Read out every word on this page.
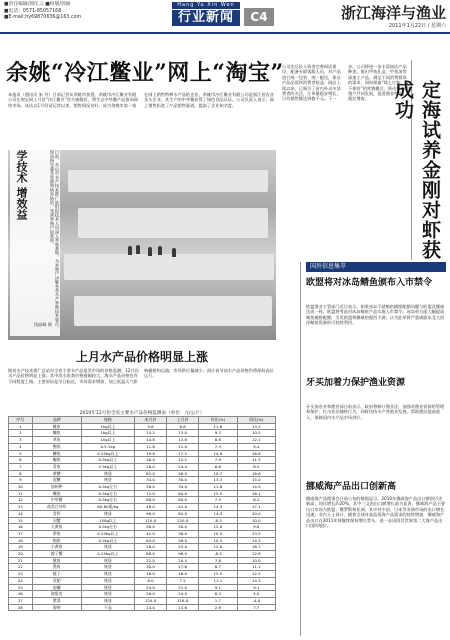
■责任编辑/郭匡云 ■组版/郭丽
■电话：0571-85057168
■E-mail:hy69870636@163.com
Hang Yu Xin Wen
行业新闻	C4	浙江海洋与渔业
2011年1月22日 / 星期六
余姚“冷江鳖业”网上“淘宝”
本报讯（通讯员 朱 丹）日前记者从余姚市获悉，余姚市冷江鳖业有限公司在淘宝网上开设“冷江鳖业”官方旗舰店，将生态中华鳖产品推向网络市场。该店自1月份试运营以来，销售情况良好，成为余姚市第一家在网上销售特种水产品的企业。余姚市冷江鳖业有限公司是浙江省农业龙头企业，其生产的中华鳖获得了绿色食品认证。公司负责人表示，网上销售拓宽了产品销售渠道，提高了企业知名度。
公司先后投入资金完善网店建设，配备专职客服人员，对产品进行统一包装、统一配送，保证产品品质和消费者权益。网店上线以来，已吸引了省内外众多消费者的关注，订单量稳步增长，日均销售额达到数千元。下一步，公司将进一步丰富网店产品种类，推出甲鱼礼盒、甲鱼汤等深加工产品，满足不同消费群体的需求，同时探索“线上订购、线下体验”的营销模式，带动周边养殖户共同发展，促进渔业增效、渔民增收。	定海试养金刚对虾获成功
学技术 增效益	日前，舟山市水产技术推广站组织技术人员深入养殖基地，为养殖户讲解冬季水产养殖技术要点，现场指导越冬管理和病害防治，受到养殖户的欢迎。
钱丽峰 摄
上月水产品价格明显上涨
据省水产技术推广总站对全省主要水产品批发市场的价格监测，12月份水产品价格明显上涨。其中淡水鱼类价格涨幅较大，海水产品价格也有不同程度上扬。主要原因是节日临近，市场需求增加，加之低温天气影响捕捞和运输，市场供应量减少。预计春节前水产品价格仍将保持高位运行。
2010年12月份全省主要水产品价格监测表（单位：元/公斤）
序号	品种	规格	本月价	上月价	环比(%)	同比(%)
1	鲢鱼	1kg以上	9.6	8.6	11.6	13.2
2	鳙鱼	1kg以上	14.2	13.0	9.2	10.5
3	草鱼	1kg以上	14.8	13.6	8.8	12.1
4	鲤鱼	0.5-1kg	11.8	11.0	7.3	9.4
5	鲫鱼	0.25kg以上	19.6	17.2	14.0	16.8
6	鳊鱼	0.5kg以上	16.4	15.2	7.9	11.3
7	青鱼	2.5kg以上	26.0	24.4	6.6	8.2
8	黄鳝	统货	62.0	56.0	10.7	18.6
9	泥鳅	统货	34.0	30.0	13.3	15.0
10	加州鲈	0.5kg左右	38.0	34.0	11.8	14.5
11	鳜鱼	0.5kg左右	72.0	64.0	12.5	16.1
12	中华鳖	0.5kg左右	86.0	80.0	7.5	6.2
13	南美白对虾	60-80尾/kg	48.0	42.0	14.3	17.1
14	青虾	统货	96.0	84.0	14.3	20.0
15	河蟹	150g以上	110.0	120.0	-8.3	10.0
16	大黄鱼	0.5kg左右	56.0	50.0	12.0	9.8
17	带鱼	0.25kg以上	42.0	38.0	10.5	23.5
18	鲳鱼	0.2kg以上	64.0	58.0	10.3	14.3
19	小黄鱼	统货	28.0	25.0	12.0	16.7
20	梭子蟹	0.25kg以上	88.0	96.0	-8.3	12.8
21	鱿鱼	统货	22.0	20.4	7.8	10.0
22	墨鱼	统货	30.0	27.6	8.7	11.1
23	蛏子	统货	18.0	16.0	12.5	12.5
24	花蛤	统货	8.0	7.2	11.1	14.3
25	泥螺	统货	24.0	22.0	9.1	9.1
26	海蜇皮	统货	26.0	24.0	8.3	4.0
27	紫菜	统货	120.0	118.0	1.7	-4.0
28	海带	干品	14.0	13.6	2.9	7.7
国外信息集萃
欧盟将对冰岛鲭鱼颁布入市禁令
欧盟渔业主管部门近日表示，如果冰岛不就鲭鱼捕捞配额问题与欧盟及挪威达成一致，欧盟将考虑对冰岛鲭鱼产品实施入市禁令。冰岛单方面大幅提高鲭鱼捕捞配额，引发欧盟和挪威的强烈不满，认为此举将严重威胁东北大西洋鲭鱼资源的可持续利用。
牙买加着力保护渔业资源
牙买加农业和渔业部日前表示，政府将修订渔业法，加强对渔业资源的管理和保护，打击非法捕捞行为，同时扶持水产养殖业发展，帮助渔民提高收入，保障国内水产品市场供应。
挪威海产品出口创新高
挪威海产品理事会日前公布的数据显示，2010年挪威海产品出口额创历史新高，同比增长约20%，其中三文鱼出口额增长最为显著。挪威海产品主要出口市场为欧盟、俄罗斯和亚洲，其中对中国、日本等亚洲市场的出口增长迅速。业内人士预计，随着全球对高品质海产品需求的持续增加，挪威海产品出口在2011年将继续保持增长势头，进一步巩固其世界第二大海产品出口国的地位。
